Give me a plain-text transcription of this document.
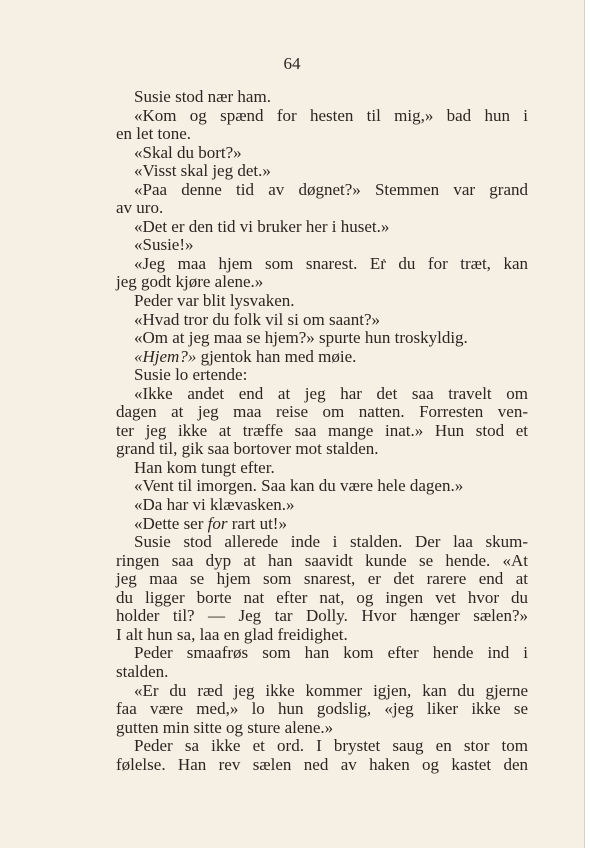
64
Susie stod nær ham.
«Kom og spænd for hesten til mig,» bad hun i
en let tone.
«Skal du bort?»
«Visst skal jeg det.»
«Paa denne tid av døgnet?» Stemmen var grand
av uro.
«Det er den tid vi bruker her i huset.»
«Susie!»
«Jeg maa hjem som snarest. Er du for træt, kan
jeg godt kjøre alene.»
Peder var blit lysvaken.
«Hvad tror du folk vil si om saant?»
«Om at jeg maa se hjem?» spurte hun troskyldig.
«Hjem?» gjentok han med møie.
Susie lo ertende:
«Ikke andet end at jeg har det saa travelt om
dagen at jeg maa reise om natten. Forresten ven-
ter jeg ikke at træffe saa mange inat.» Hun stod et
grand til, gik saa bortover mot stalden.
Han kom tungt efter.
«Vent til imorgen. Saa kan du være hele dagen.»
«Da har vi klævasken.»
«Dette ser for rart ut!»
Susie stod allerede inde i stalden. Der laa skum-
ringen saa dyp at han saavidt kunde se hende. «At
jeg maa se hjem som snarest, er det rarere end at
du ligger borte nat efter nat, og ingen vet hvor du
holder til? — Jeg tar Dolly. Hvor hænger sælen?»
I alt hun sa, laa en glad freidighet.
Peder smaafrøs som han kom efter hende ind i
stalden.
«Er du ræd jeg ikke kommer igjen, kan du gjerne
faa være med,» lo hun godslig, «jeg liker ikke se
gutten min sitte og sture alene.»
Peder sa ikke et ord. I brystet saug en stor tom
følelse. Han rev sælen ned av haken og kastet den
